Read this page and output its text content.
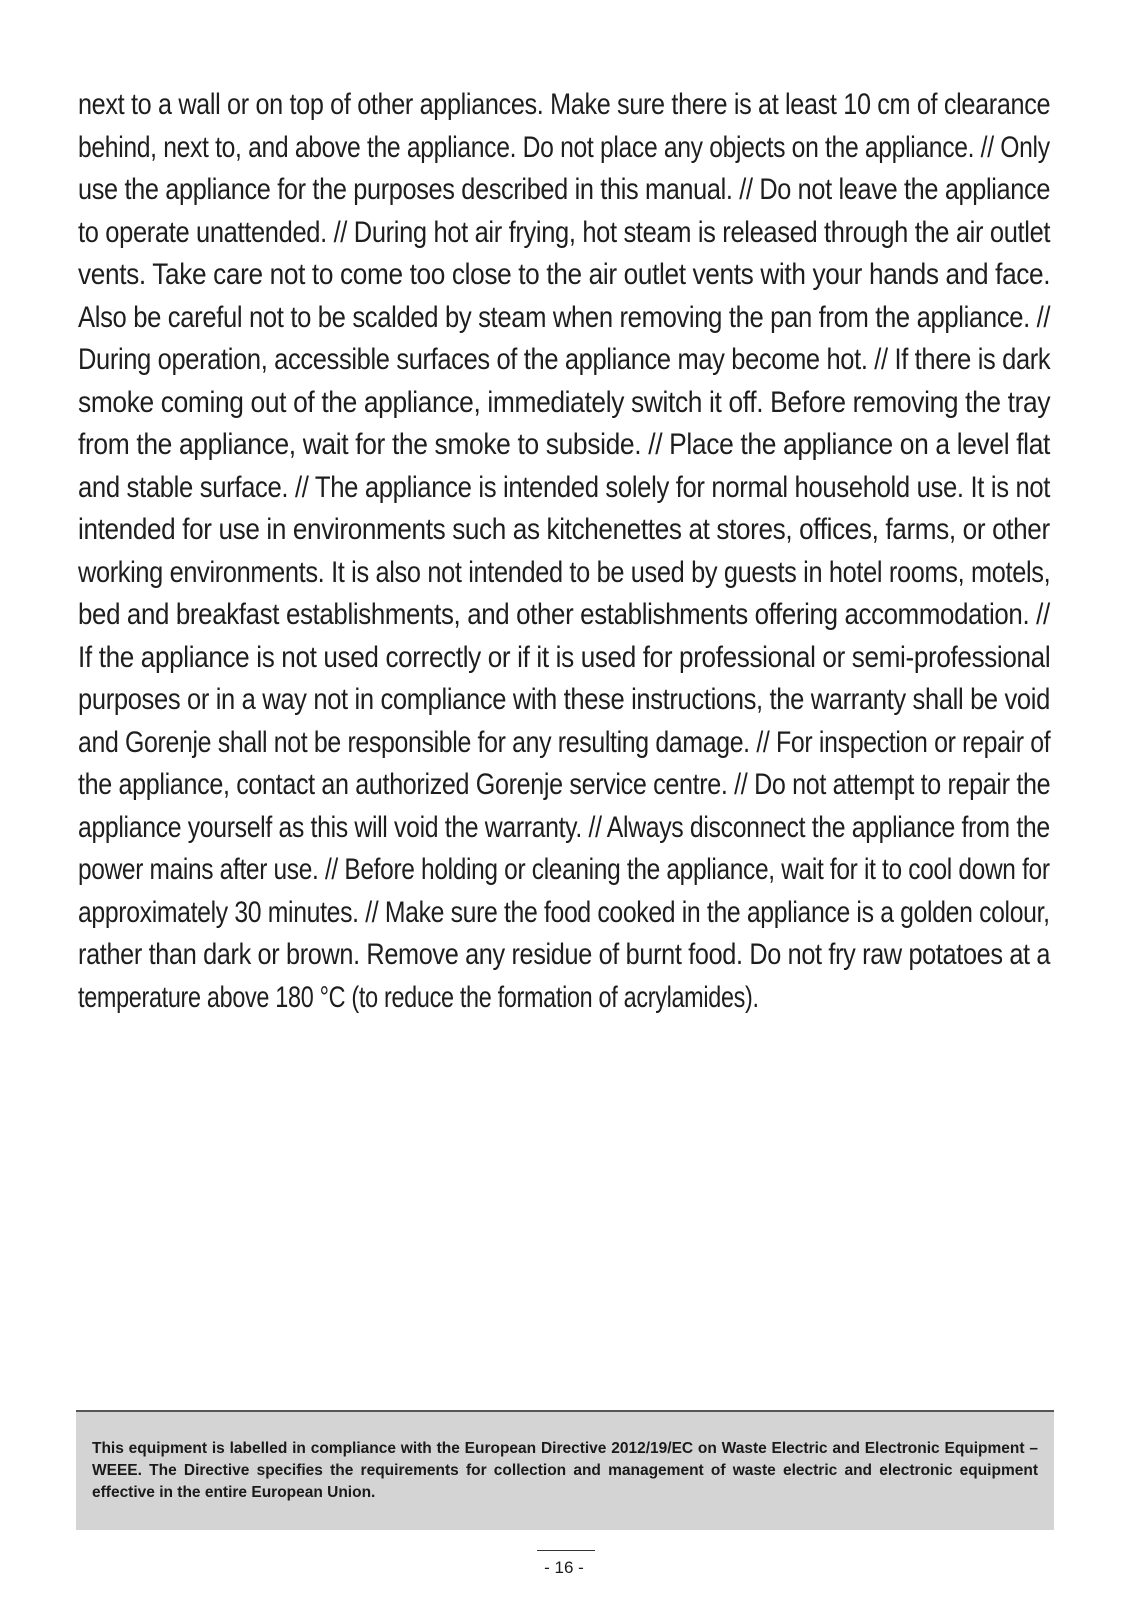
next to a wall or on top of other appliances. Make sure there is at least 10 cm of clearance
behind, next to, and above the appliance. Do not place any objects on the appliance. // Only
use the appliance for the purposes described in this manual. // Do not leave the appliance
to operate unattended. // During hot air frying, hot steam is released through the air outlet
vents. Take care not to come too close to the air outlet vents with your hands and face.
Also be careful not to be scalded by steam when removing the pan from the appliance. //
During operation, accessible surfaces of the appliance may become hot. // If there is dark
smoke coming out of the appliance, immediately switch it off. Before removing the tray
from the appliance, wait for the smoke to subside. // Place the appliance on a level flat
and stable surface. // The appliance is intended solely for normal household use. It is not
intended for use in environments such as kitchenettes at stores, offices, farms, or other
working environments. It is also not intended to be used by guests in hotel rooms, motels,
bed and breakfast establishments, and other establishments offering accommodation. //
If the appliance is not used correctly or if it is used for professional or semi-professional
purposes or in a way not in compliance with these instructions, the warranty shall be void
and Gorenje shall not be responsible for any resulting damage. // For inspection or repair of
the appliance, contact an authorized Gorenje service centre. // Do not attempt to repair the
appliance yourself as this will void the warranty. // Always disconnect the appliance from the
power mains after use. // Before holding or cleaning the appliance, wait for it to cool down for
approximately 30 minutes. // Make sure the food cooked in the appliance is a golden colour,
rather than dark or brown. Remove any residue of burnt food. Do not fry raw potatoes at a
temperature above 180 °C (to reduce the formation of acrylamides).

This equipment is labelled in compliance with the European Directive 2012/19/EC on Waste Electric and Electronic Equipment – WEEE. The Directive specifies the requirements for collection and management of waste electric and electronic equipment effective in the entire European Union.

- 16 -
